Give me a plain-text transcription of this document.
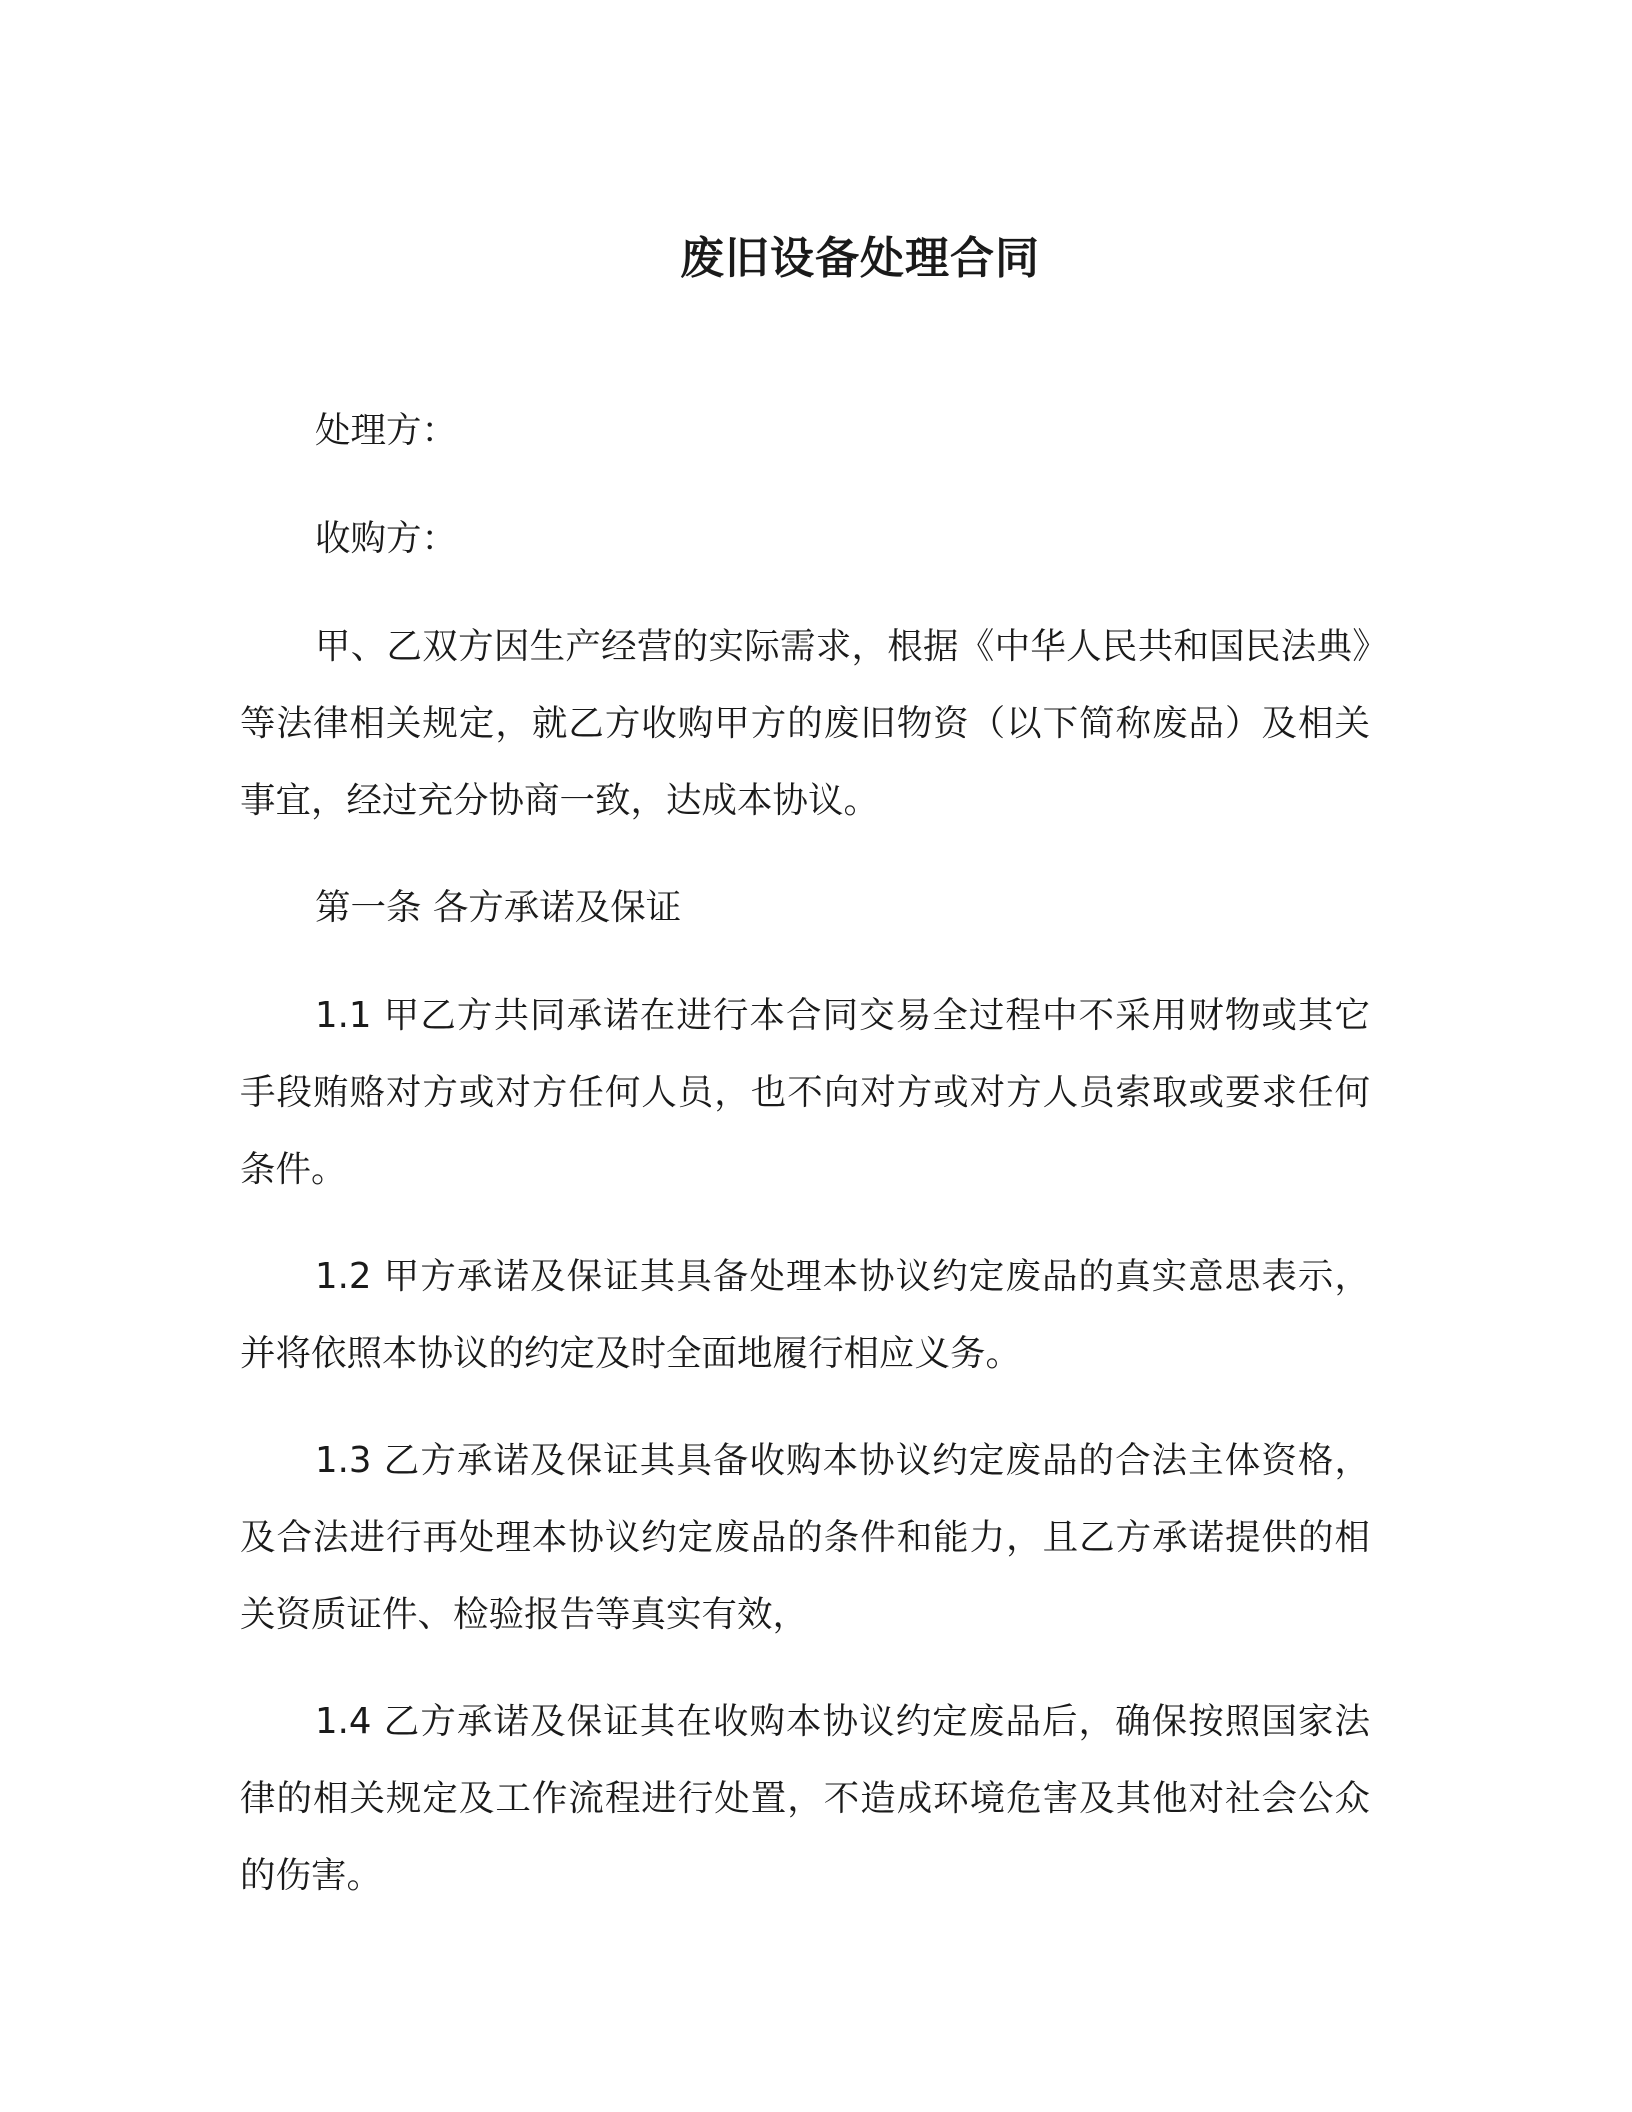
废旧设备处理合同

处理方：

收购方：

甲、乙双方因生产经营的实际需求，根据《中华人民共和国民法典》等法律相关规定，就乙方收购甲方的废旧物资（以下简称废品）及相关事宜，经过充分协商一致，达成本协议。

第一条 各方承诺及保证

1.1 甲乙方共同承诺在进行本合同交易全过程中不采用财物或其它手段贿赂对方或对方任何人员，也不向对方或对方人员索取或要求任何条件。

1.2 甲方承诺及保证其具备处理本协议约定废品的真实意思表示，并将依照本协议的约定及时全面地履行相应义务。

1.3 乙方承诺及保证其具备收购本协议约定废品的合法主体资格，及合法进行再处理本协议约定废品的条件和能力，且乙方承诺提供的相关资质证件、检验报告等真实有效，

1.4 乙方承诺及保证其在收购本协议约定废品后，确保按照国家法律的相关规定及工作流程进行处置，不造成环境危害及其他对社会公众的伤害。
